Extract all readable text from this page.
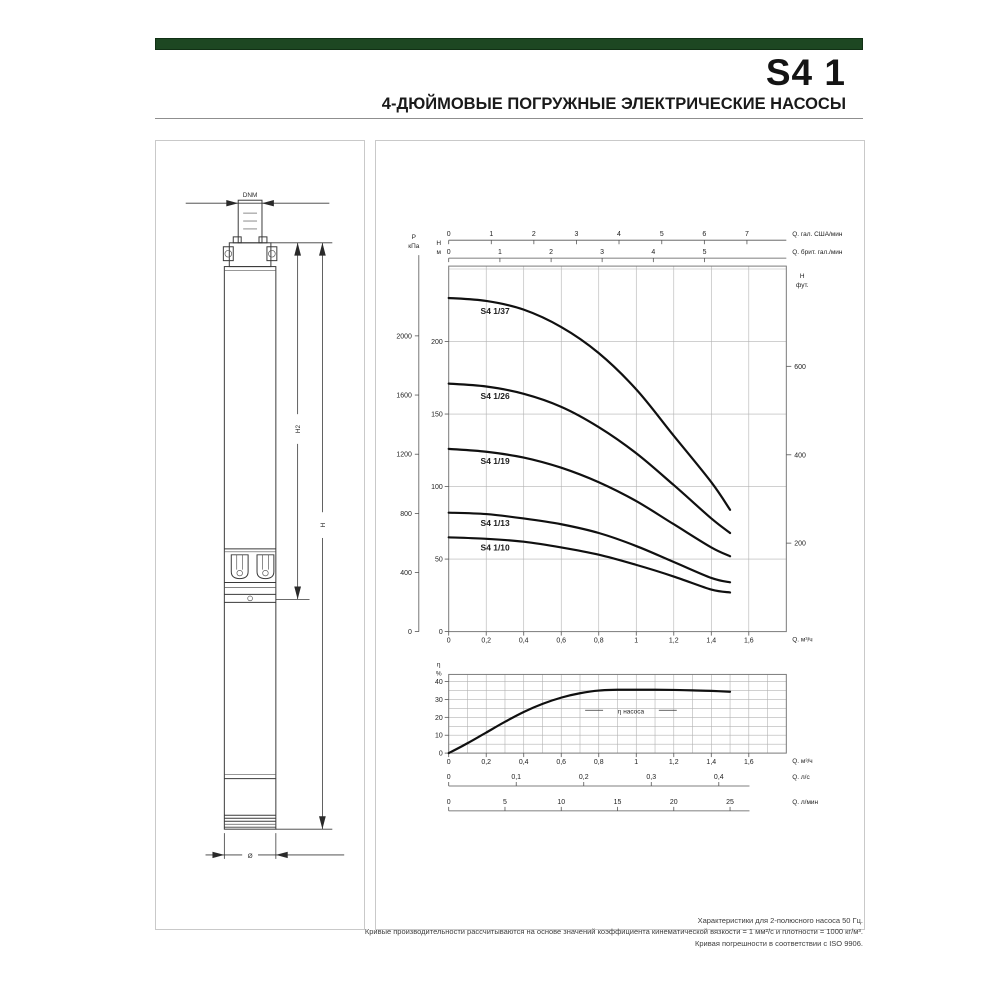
S4 1
4-ДЮЙМОВЫЕ ПОГРУЖНЫЕ ЭЛЕКТРИЧЕСКИЕ НАСОСЫ
DNM
H2
H
Ø
0	1	2	3	4	5	6	7	Q. гал. США/мин
0	1	2	3	4	5	Q. брит. гал./мин
0	0,2	0,4	0,6	0,8	1	1,2	1,4	1,6	Q. м³/ч
0
400
800
1200
1600
2000
P
кПа
0
50
100
150
200
H
м
200
400
600
H
фут.
S4 1/37
S4 1/26
S4 1/19
S4 1/13
S4 1/10
0
10
20
30
40
η
%
0	0,2	0,4	0,6	0,8	1	1,2	1,4	1,6	Q. м³/ч
0	0,1	0,2	0,3	0,4	Q. л/с
0	5	10	15	20	25	Q. л/мин
η насоса
Характеристики для 2-полюсного насоса 50 Гц.
Кривые производительности рассчитываются на основе значений коэффициента кинематической вязкости = 1 мм²/с и плотности = 1000 кг/м³.
Кривая погрешности в соответствии с ISO 9906.
